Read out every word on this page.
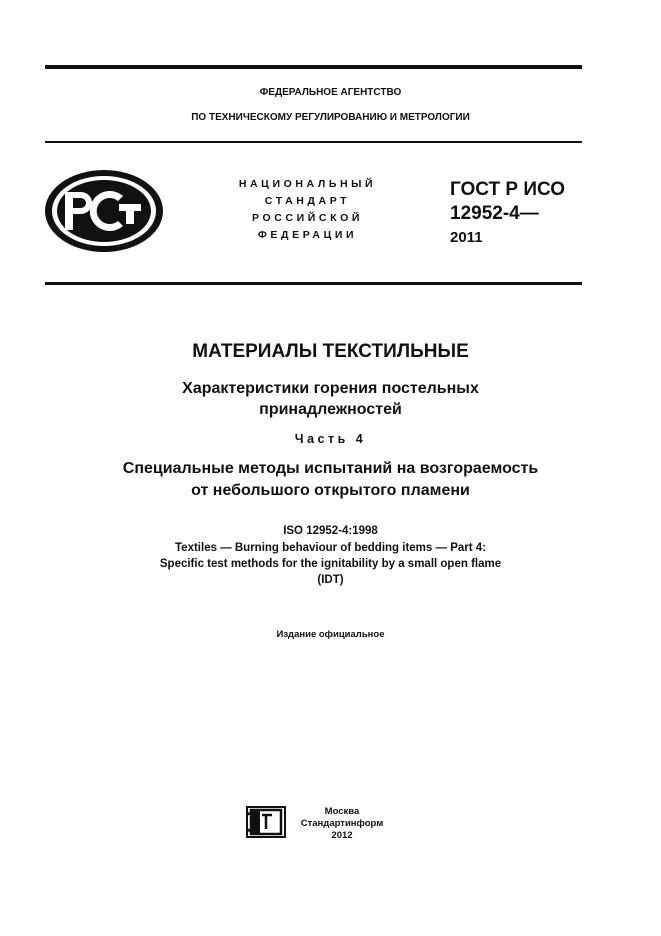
ФЕДЕРАЛЬНОЕ АГЕНТСТВО
ПО ТЕХНИЧЕСКОМУ РЕГУЛИРОВАНИЮ И МЕТРОЛОГИИ
НАЦИОНАЛЬНЫЙ
СТАНДАРТ
РОССИЙСКОЙ
ФЕДЕРАЦИИ
ГОСТ Р ИСО
12952-4—
2011
МАТЕРИАЛЫ ТЕКСТИЛЬНЫЕ
Характеристики горения постельных
принадлежностей
Часть 4
Специальные методы испытаний на возгораемость
от небольшого открытого пламени
ISO 12952-4:1998
Textiles — Burning behaviour of bedding items — Part 4:
Specific test methods for the ignitability by a small open flame
(IDT)
Издание официальное
Москва
Стандартинформ
2012
